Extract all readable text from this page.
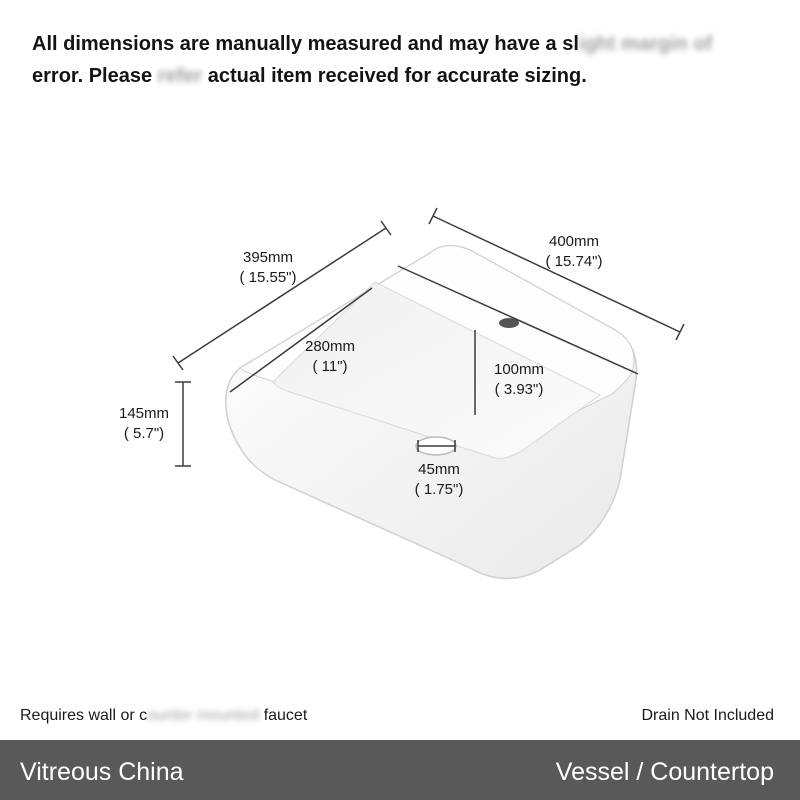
All dimensions are manually measured and may have a slight margin of
error. Please refer actual item received for accurate sizing.
395mm
( 15.55")
400mm
( 15.74")
145mm
( 5.7")
280mm
( 11")	100mm
( 3.93")
45mm
( 1.75")
Requires wall or counter mounted faucet	Drain Not Included
Vitreous China	Vessel / Countertop
